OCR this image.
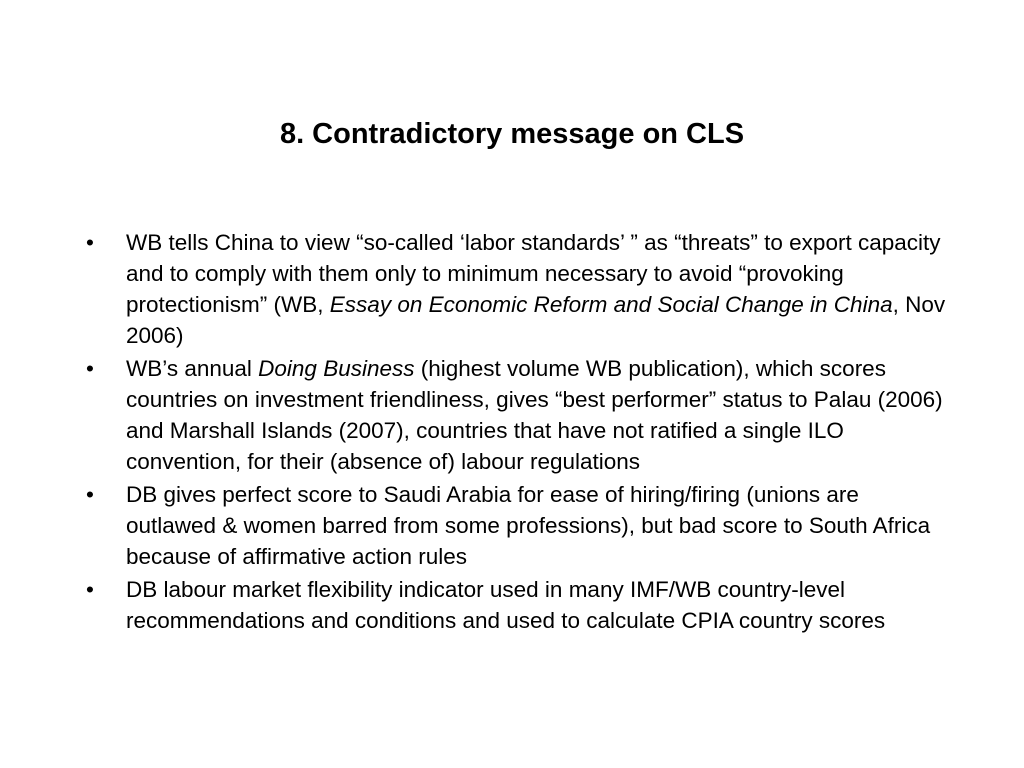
8. Contradictory message on CLS
•	WB tells China to view “so-called ‘labor standards’ ” as “threats” to export capacity and to comply with them only to minimum necessary to avoid “provoking protectionism” (WB, Essay on Economic Reform and Social Change in China, Nov 2006)
•	WB’s annual Doing Business (highest volume WB publication), which scores countries on investment friendliness, gives “best performer” status to Palau (2006) and Marshall Islands (2007), countries that have not ratified a single ILO convention, for their (absence of) labour regulations
•	DB gives perfect score to Saudi Arabia for ease of hiring/firing (unions are outlawed & women barred from some professions), but bad score to South Africa because of affirmative action rules
•	DB labour market flexibility indicator used in many IMF/WB country-level recommendations and conditions and used to calculate CPIA country scores
